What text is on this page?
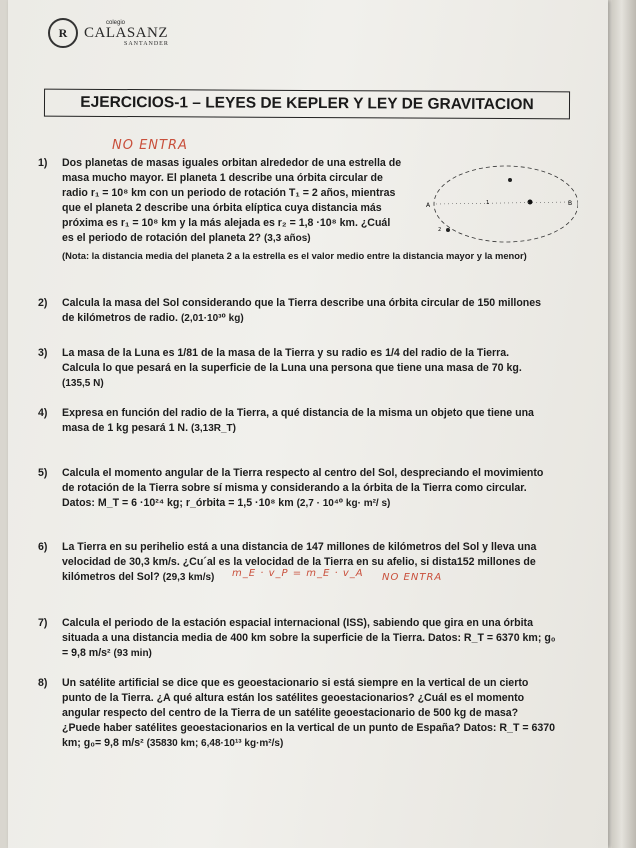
R
colegio
CALASANZ
SANTANDER
EJERCICIOS-1 – LEYES DE KEPLER Y LEY DE GRAVITACION
NO ENTRA
1) Dos planetas de masas iguales orbitan alrededor de una estrella de
masa mucho mayor. El planeta 1 describe una órbita circular de
radio r₁ = 10⁸ km con un periodo de rotación T₁ = 2 años, mientras
que el planeta 2 describe una órbita elíptica cuya distancia más
próxima es r₁ = 10⁸ km y la más alejada es r₂ = 1,8 ·10⁸ km. ¿Cuál
es el periodo de rotación del planeta 2? (3,3 años)
(Nota: la distancia media del planeta 2 a la estrella es el valor medio entre la distancia mayor y la menor)
A	B
1
2
2) Calcula la masa del Sol considerando que la Tierra describe una órbita circular de 150 millones
de kilómetros de radio. (2,01·10³⁰ kg)
3) La masa de la Luna es 1/81 de la masa de la Tierra y su radio es 1/4 del radio de la Tierra.
Calcula lo que pesará en la superficie de la Luna una persona que tiene una masa de 70 kg.
(135,5 N)
4) Expresa en función del radio de la Tierra, a qué distancia de la misma un objeto que tiene una
masa de 1 kg pesará 1 N. (3,13R_T)
5) Calcula el momento angular de la Tierra respecto al centro del Sol, despreciando el movimiento
de rotación de la Tierra sobre sí misma y considerando a la órbita de la Tierra como circular.
Datos: M_T = 6 ·10²⁴ kg; r_órbita = 1,5 ·10⁸ km (2,7 · 10⁴⁰ kg· m²/ s)
6) La Tierra en su perihelio está a una distancia de 147 millones de kilómetros del Sol y lleva una
velocidad de 30,3 km/s. ¿Cu´al es la velocidad de la Tierra en su afelio, si dista152 millones de
kilómetros del Sol? (29,3 km/s)	m_E · v_P = m_E · v_A NO ENTRA
7) Calcula el periodo de la estación espacial internacional (ISS), sabiendo que gira en una órbita
situada a una distancia media de 400 km sobre la superficie de la Tierra. Datos: R_T = 6370 km; g₀
= 9,8 m/s² (93 min)
8) Un satélite artificial se dice que es geoestacionario si está siempre en la vertical de un cierto
punto de la Tierra. ¿A qué altura están los satélites geoestacionarios? ¿Cuál es el momento
angular respecto del centro de la Tierra de un satélite geoestacionario de 500 kg de masa?
¿Puede haber satélites geoestacionarios en la vertical de un punto de España? Datos: R_T = 6370
km; g₀= 9,8 m/s² (35830 km; 6,48·10¹³ kg·m²/s)
